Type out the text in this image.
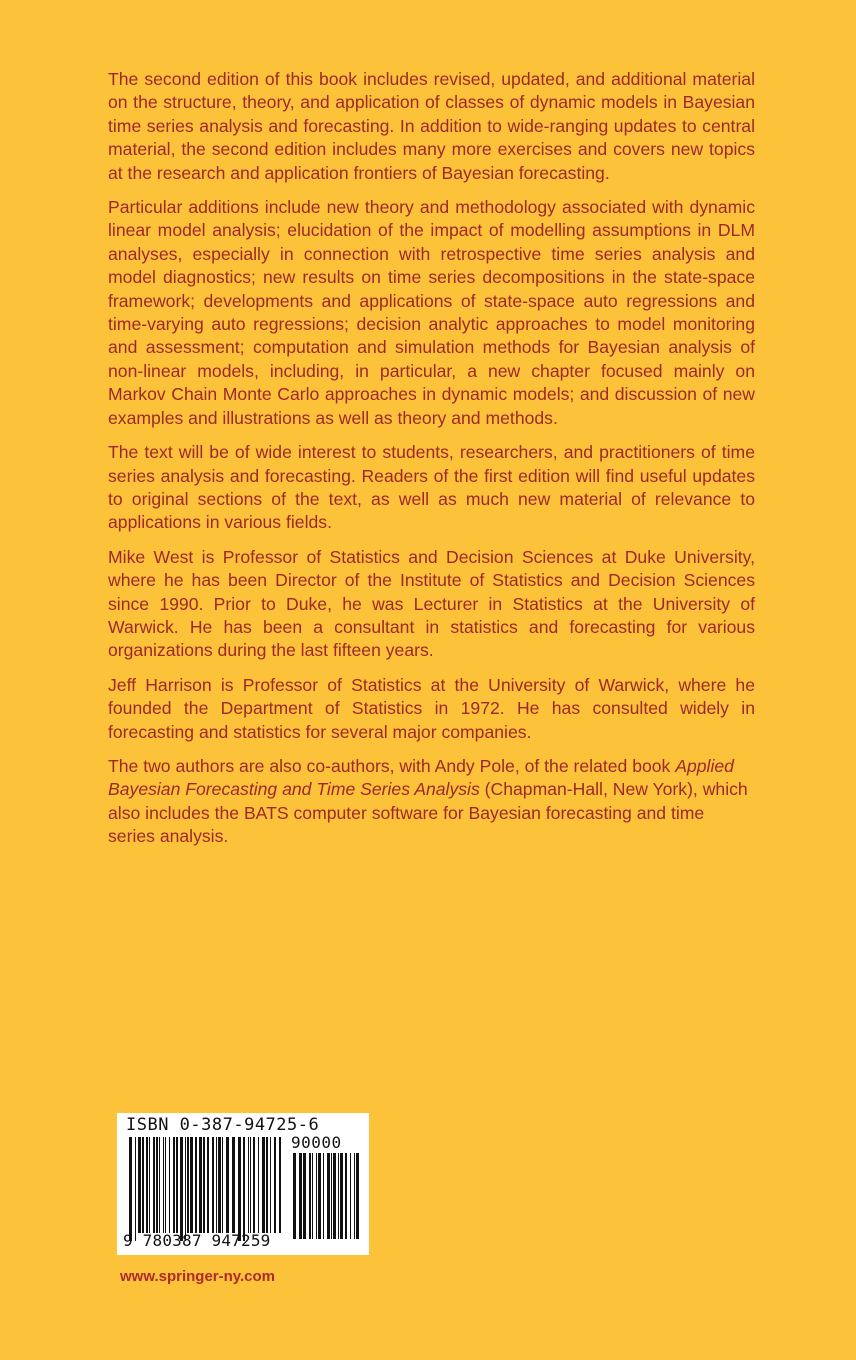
The second edition of this book includes revised, updated, and additional material on the structure, theory, and application of classes of dynamic models in Bayesian time series analysis and forecasting. In addition to wide-ranging updates to central material, the second edition includes many more exercises and covers new topics at the research and application frontiers of Bayesian forecasting.

Particular additions include new theory and methodology associated with dynamic linear model analysis; elucidation of the impact of modelling assumptions in DLM analyses, especially in connection with retrospective time series analysis and model diagnostics; new results on time series decompositions in the state-space framework; developments and applications of state-space auto regressions and time-varying auto regressions; decision analytic approaches to model monitoring and assessment; computation and simulation methods for Bayesian analysis of non-linear models, including, in particular, a new chapter focused mainly on Markov Chain Monte Carlo approaches in dynamic models; and discussion of new examples and illustrations as well as theory and methods.

The text will be of wide interest to students, researchers, and practitioners of time series analysis and forecasting. Readers of the first edition will find useful updates to original sections of the text, as well as much new material of relevance to applications in various fields.

Mike West is Professor of Statistics and Decision Sciences at Duke University, where he has been Director of the Institute of Statistics and Decision Sciences since 1990. Prior to Duke, he was Lecturer in Statistics at the University of Warwick. He has been a consultant in statistics and forecasting for various organizations during the last fifteen years.

Jeff Harrison is Professor of Statistics at the University of Warwick, where he founded the Department of Statistics in 1972. He has consulted widely in forecasting and statistics for several major companies.

The two authors are also co-authors, with Andy Pole, of the related book Applied Bayesian Forecasting and Time Series Analysis (Chapman-Hall, New York), which also includes the BATS computer software for Bayesian forecasting and time series analysis.

ISBN 0-387-94725-6
90000
9 780387 947259
www.springer-ny.com
